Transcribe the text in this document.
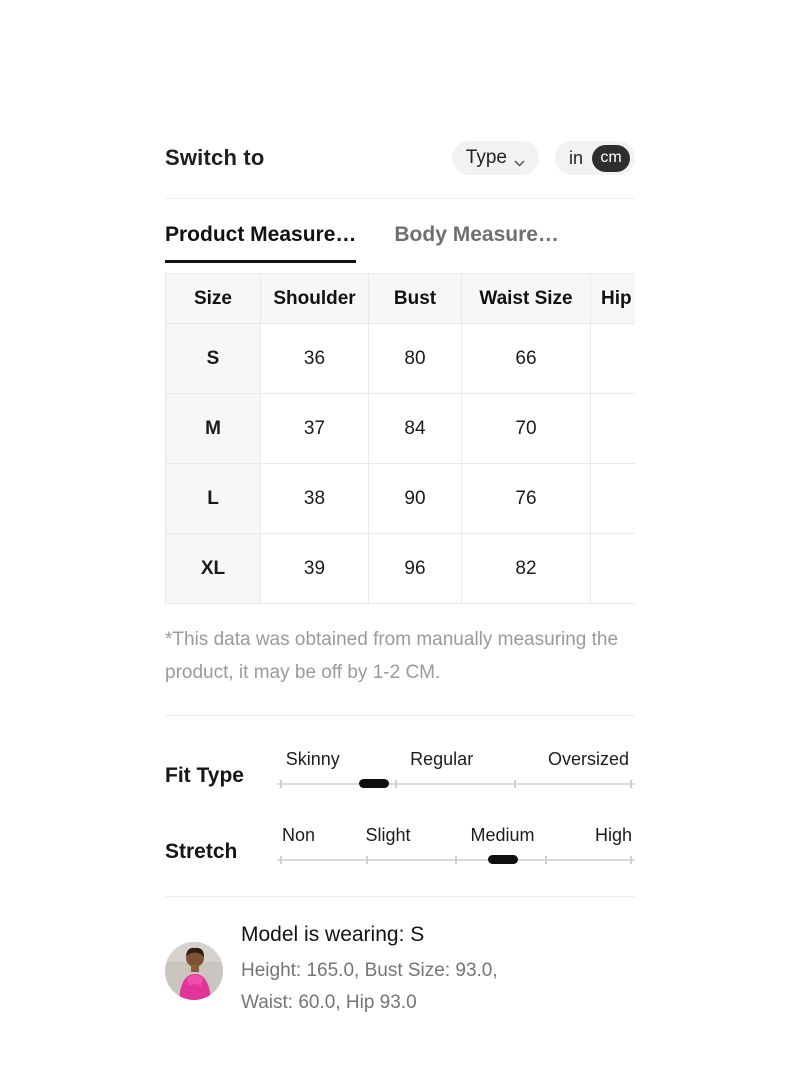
Switch to	Type	in	cm
Product Measure… Body Measure…
Size	Shoulder	Bust	Waist Size	Hip
S	36	80	66	
M	37	84	70	
L	38	90	76	
XL	39	96	82	
*This data was obtained from manually measuring the product, it may be off by 1-2 CM.
Fit Type
Skinny	Regular	Oversized
Stretch
Non	Slight	Medium	High
Model is wearing: S
Height: 165.0, Bust Size: 93.0,
Waist: 60.0, Hip 93.0
